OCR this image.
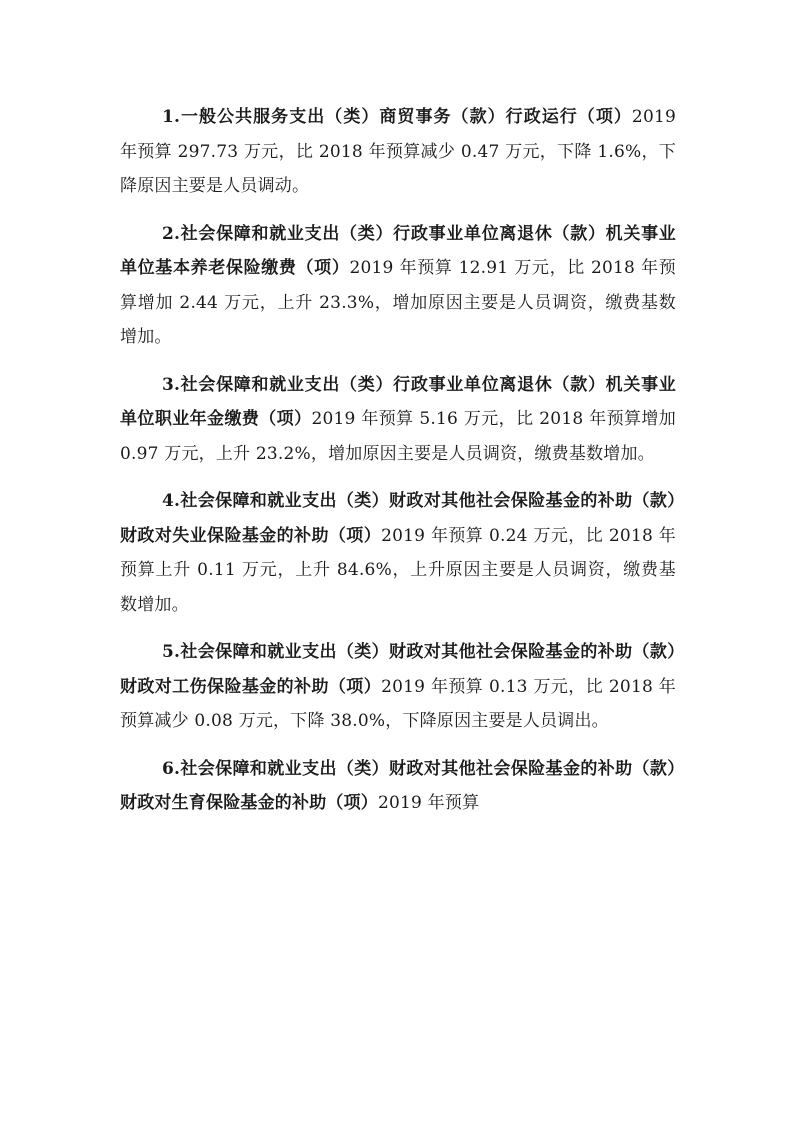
1.一般公共服务支出（类）商贸事务（款）行政运行（项）2019 年预算 297.73 万元，比 2018 年预算减少 0.47 万元，下降 1.6%，下降原因主要是人员调动。

2.社会保障和就业支出（类）行政事业单位离退休（款）机关事业单位基本养老保险缴费（项）2019 年预算 12.91 万元，比 2018 年预算增加 2.44 万元，上升 23.3%，增加原因主要是人员调资，缴费基数增加。

3.社会保障和就业支出（类）行政事业单位离退休（款）机关事业单位职业年金缴费（项）2019 年预算 5.16 万元，比 2018 年预算增加 0.97 万元，上升 23.2%，增加原因主要是人员调资，缴费基数增加。

4.社会保障和就业支出（类）财政对其他社会保险基金的补助（款）财政对失业保险基金的补助（项）2019 年预算 0.24 万元，比 2018 年预算上升 0.11 万元，上升 84.6%，上升原因主要是人员调资，缴费基数增加。

5.社会保障和就业支出（类）财政对其他社会保险基金的补助（款）财政对工伤保险基金的补助（项）2019 年预算 0.13 万元，比 2018 年预算减少 0.08 万元，下降 38.0%，下降原因主要是人员调出。

6.社会保障和就业支出（类）财政对其他社会保险基金的补助（款）财政对生育保险基金的补助（项）2019 年预算
